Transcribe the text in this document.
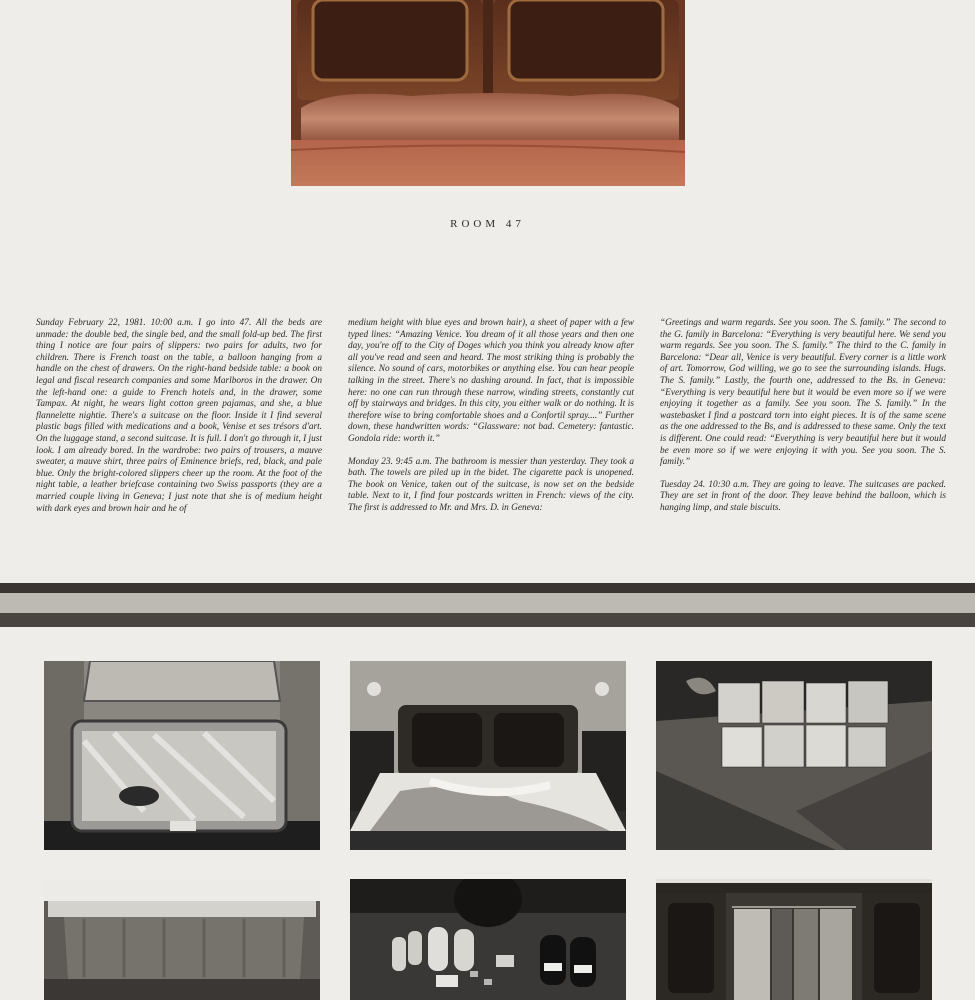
ROOM 47

Sunday February 22, 1981. 10:00 a.m. I go into 47. All the beds are unmade: the double bed, the single bed, and the small fold-up bed. The first thing I notice are four pairs of slippers: two pairs for adults, two for children. There is French toast on the table, a balloon hanging from a handle on the chest of drawers. On the right-hand bedside table: a book on legal and fiscal research companies and some Marlboros in the drawer. On the left-hand one: a guide to French hotels and, in the drawer, some Tampax. At night, he wears light cotton green pajamas, and she, a blue flannelette nightie. There's a suitcase on the floor. Inside it I find several plastic bags filled with medications and a book, Venise et ses trésors d'art. On the luggage stand, a second suitcase. It is full. I don't go through it, I just look. I am already bored. In the wardrobe: two pairs of trousers, a mauve sweater, a mauve shirt, three pairs of Eminence briefs, red, black, and pale blue. Only the bright-colored slippers cheer up the room. At the foot of the night table, a leather briefcase containing two Swiss passports (they are a married couple living in Geneva; I just note that she is of medium height with dark eyes and brown hair and he of

medium height with blue eyes and brown hair), a sheet of paper with a few typed lines: “Amazing Venice. You dream of it all those years and then one day, you're off to the City of Doges which you think you already know after all you've read and seen and heard. The most striking thing is probably the silence. No sound of cars, motorbikes or anything else. You can hear people talking in the street. There's no dashing around. In fact, that is impossible here: no one can run through these narrow, winding streets, constantly cut off by stairways and bridges. In this city, you either walk or do nothing. It is therefore wise to bring comfortable shoes and a Confortil spray....” Further down, these handwritten words: “Glassware: not bad. Cemetery: fantastic. Gondola ride: worth it.”

Monday 23. 9:45 a.m. The bathroom is messier than yesterday. They took a bath. The towels are piled up in the bidet. The cigarette pack is unopened. The book on Venice, taken out of the suitcase, is now set on the bedside table. Next to it, I find four postcards written in French: views of the city. The first is addressed to Mr. and Mrs. D. in Geneva:

“Greetings and warm regards. See you soon. The S. family.” The second to the G. family in Barcelona: “Everything is very beautiful here. We send you warm regards. See you soon. The S. family.” The third to the C. family in Barcelona: “Dear all, Venice is very beautiful. Every corner is a little work of art. Tomorrow, God willing, we go to see the surrounding islands. Hugs. The S. family.” Lastly, the fourth one, addressed to the Bs. in Geneva: “Everything is very beautiful here but it would be even more so if we were enjoying it together as a family. See you soon. The S. family.” In the wastebasket I find a postcard torn into eight pieces. It is of the same scene as the one addressed to the Bs, and is addressed to these same. Only the text is different. One could read: “Everything is very beautiful here but it would be even more so if we were enjoying it with you. See you soon. The S. family.”

Tuesday 24. 10:30 a.m. They are going to leave. The suitcases are packed. They are set in front of the door. They leave behind the balloon, which is hanging limp, and stale biscuits.
